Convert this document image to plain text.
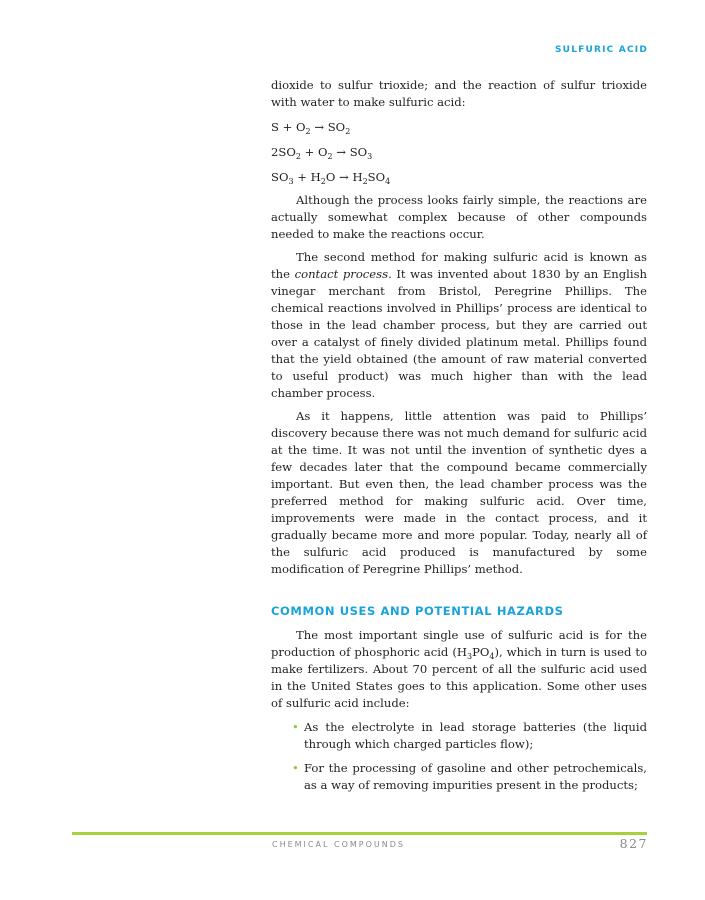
SULFURIC ACID

dioxide to sulfur trioxide; and the reaction of sulfur trioxide with water to make sulfuric acid:

$S + O_2 \to SO_2$

$2SO_2 + O_2 \to SO_3$

$SO_3 + H_2O \to H_2SO_4$

Although the process looks fairly simple, the reactions are actually somewhat complex because of other compounds needed to make the reactions occur.

The second method for making sulfuric acid is known as the contact process. It was invented about 1830 by an English vinegar merchant from Bristol, Peregrine Phillips. The chemical reactions involved in Phillips’ process are identical to those in the lead chamber process, but they are carried out over a catalyst of finely divided platinum metal. Phillips found that the yield obtained (the amount of raw material converted to useful product) was much higher than with the lead chamber process.

As it happens, little attention was paid to Phillips’ discovery because there was not much demand for sulfuric acid at the time. It was not until the invention of synthetic dyes a few decades later that the compound became commercially important. But even then, the lead chamber process was the preferred method for making sulfuric acid. Over time, improvements were made in the contact process, and it gradually became more and more popular. Today, nearly all of the sulfuric acid produced is manufactured by some modification of Peregrine Phillips’ method.

COMMON USES AND POTENTIAL HAZARDS

The most important single use of sulfuric acid is for the production of phosphoric acid $(H_3PO_4)$, which in turn is used to make fertilizers. About 70 percent of all the sulfuric acid used in the United States goes to this application. Some other uses of sulfuric acid include:

• As the electrolyte in lead storage batteries (the liquid through which charged particles flow);

• For the processing of gasoline and other petrochemicals, as a way of removing impurities present in the products;

CHEMICAL COMPOUNDS	827
